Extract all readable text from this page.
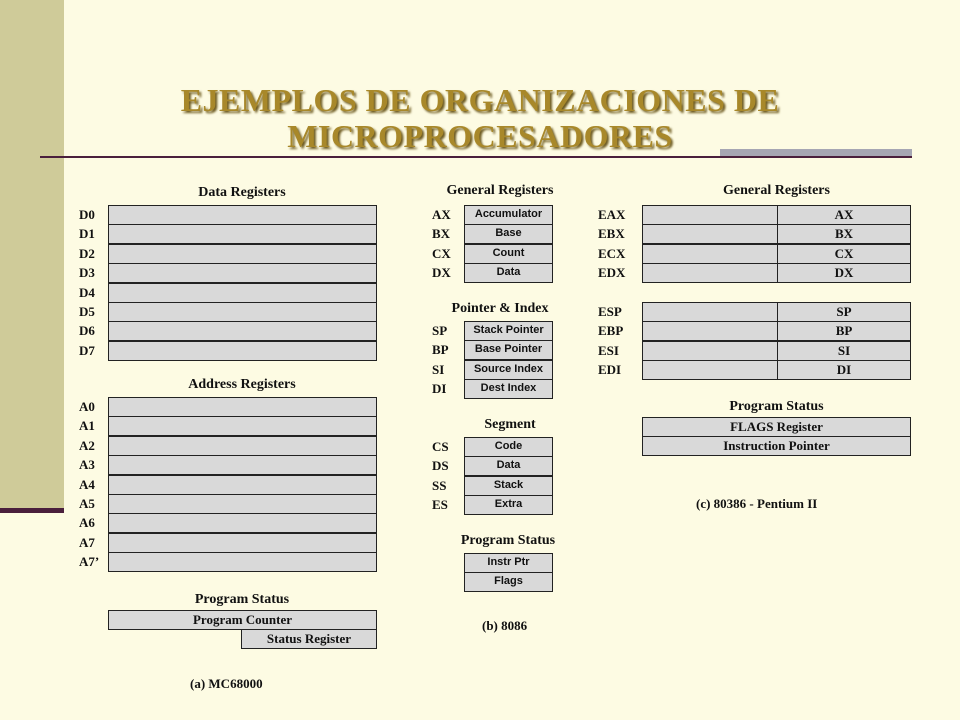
EJEMPLOS DE ORGANIZACIONES DE
MICROPROCESADORES
Data Registers
D0
D1
D2
D3
D4
D5
D6
D7
Address Registers
A0
A1
A2
A3
A4
A5
A6
A7
A7’
Program Status
Program Counter
Status Register
(a) MC68000
General Registers
AX	Accumulator
BX	Base
CX	Count
DX	Data
Pointer & Index
SP	Stack Pointer
BP	Base Pointer
SI	Source Index
DI	Dest Index
Segment
CS	Code
DS	Data
SS	Stack
ES	Extra
Program Status
Instr Ptr
Flags
(b) 8086
General Registers
EAX	AX
EBX	BX
ECX	CX
EDX	DX
ESP	SP
EBP	BP
ESI	SI
EDI	DI
Program Status
FLAGS Register
Instruction Pointer
(c) 80386 - Pentium II
